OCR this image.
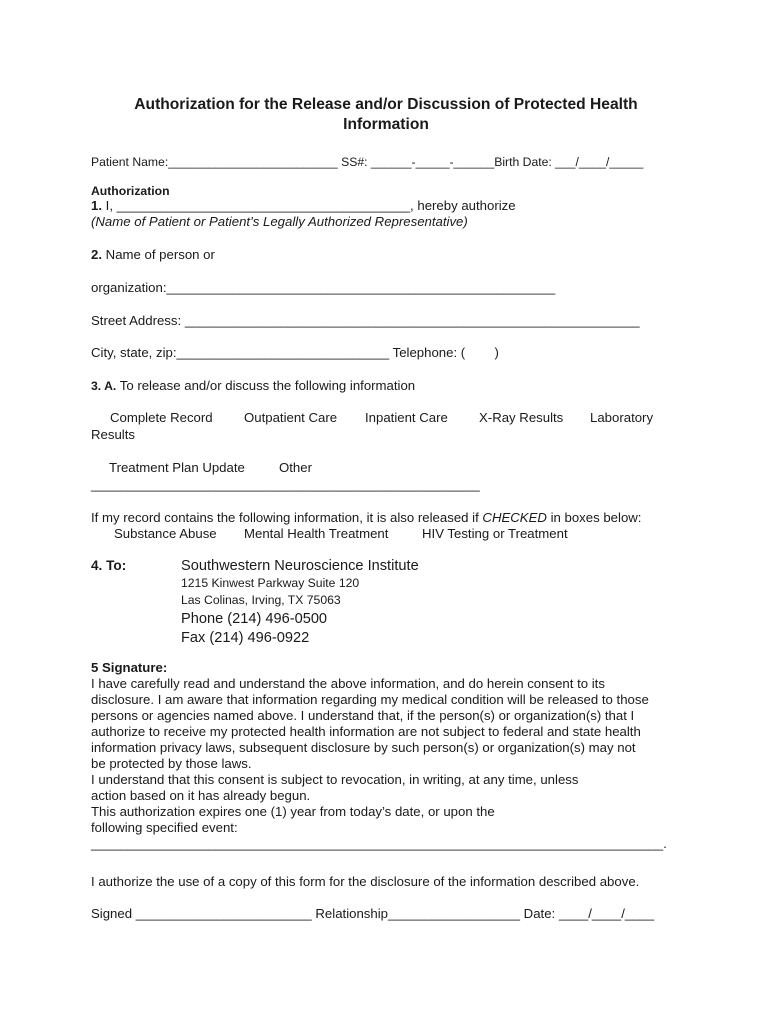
Authorization for the Release and/or Discussion of Protected Health
Information
Patient Name:_________________________ SS#: ______-_____-______Birth Date: ___/____/_____
Authorization
1. I, ________________________________________, hereby authorize
(Name of Patient or Patient’s Legally Authorized Representative)
2. Name of person or
organization:_____________________________________________________
Street Address: ______________________________________________________________
City, state, zip:_____________________________ Telephone: (        )
3. A. To release and/or discuss the following information
Complete Record Outpatient Care Inpatient Care X-Ray Results Laboratory
Results
Treatment Plan Update	Other
_____________________________________________________
If my record contains the following information, it is also released if CHECKED in boxes below:
Substance Abuse Mental Health Treatment	HIV Testing or Treatment
4. To:	Southwestern Neuroscience Institute
1215 Kinwest Parkway Suite 120
Las Colinas, Irving, TX 75063
Phone (214) 496-0500
Fax (214) 496-0922
5 Signature:
I have carefully read and understand the above information, and do herein consent to its
disclosure. I am aware that information regarding my medical condition will be released to those
persons or agencies named above. I understand that, if the person(s) or organization(s) that I
authorize to receive my protected health information are not subject to federal and state health
information privacy laws, subsequent disclosure by such person(s) or organization(s) may not
be protected by those laws.
I understand that this consent is subject to revocation, in writing, at any time, unless
action based on it has already begun.
This authorization expires one (1) year from today’s date, or upon the
following specified event:
______________________________________________________________________________.
I authorize the use of a copy of this form for the disclosure of the information described above.
Signed ________________________ Relationship__________________ Date: ____/____/____
